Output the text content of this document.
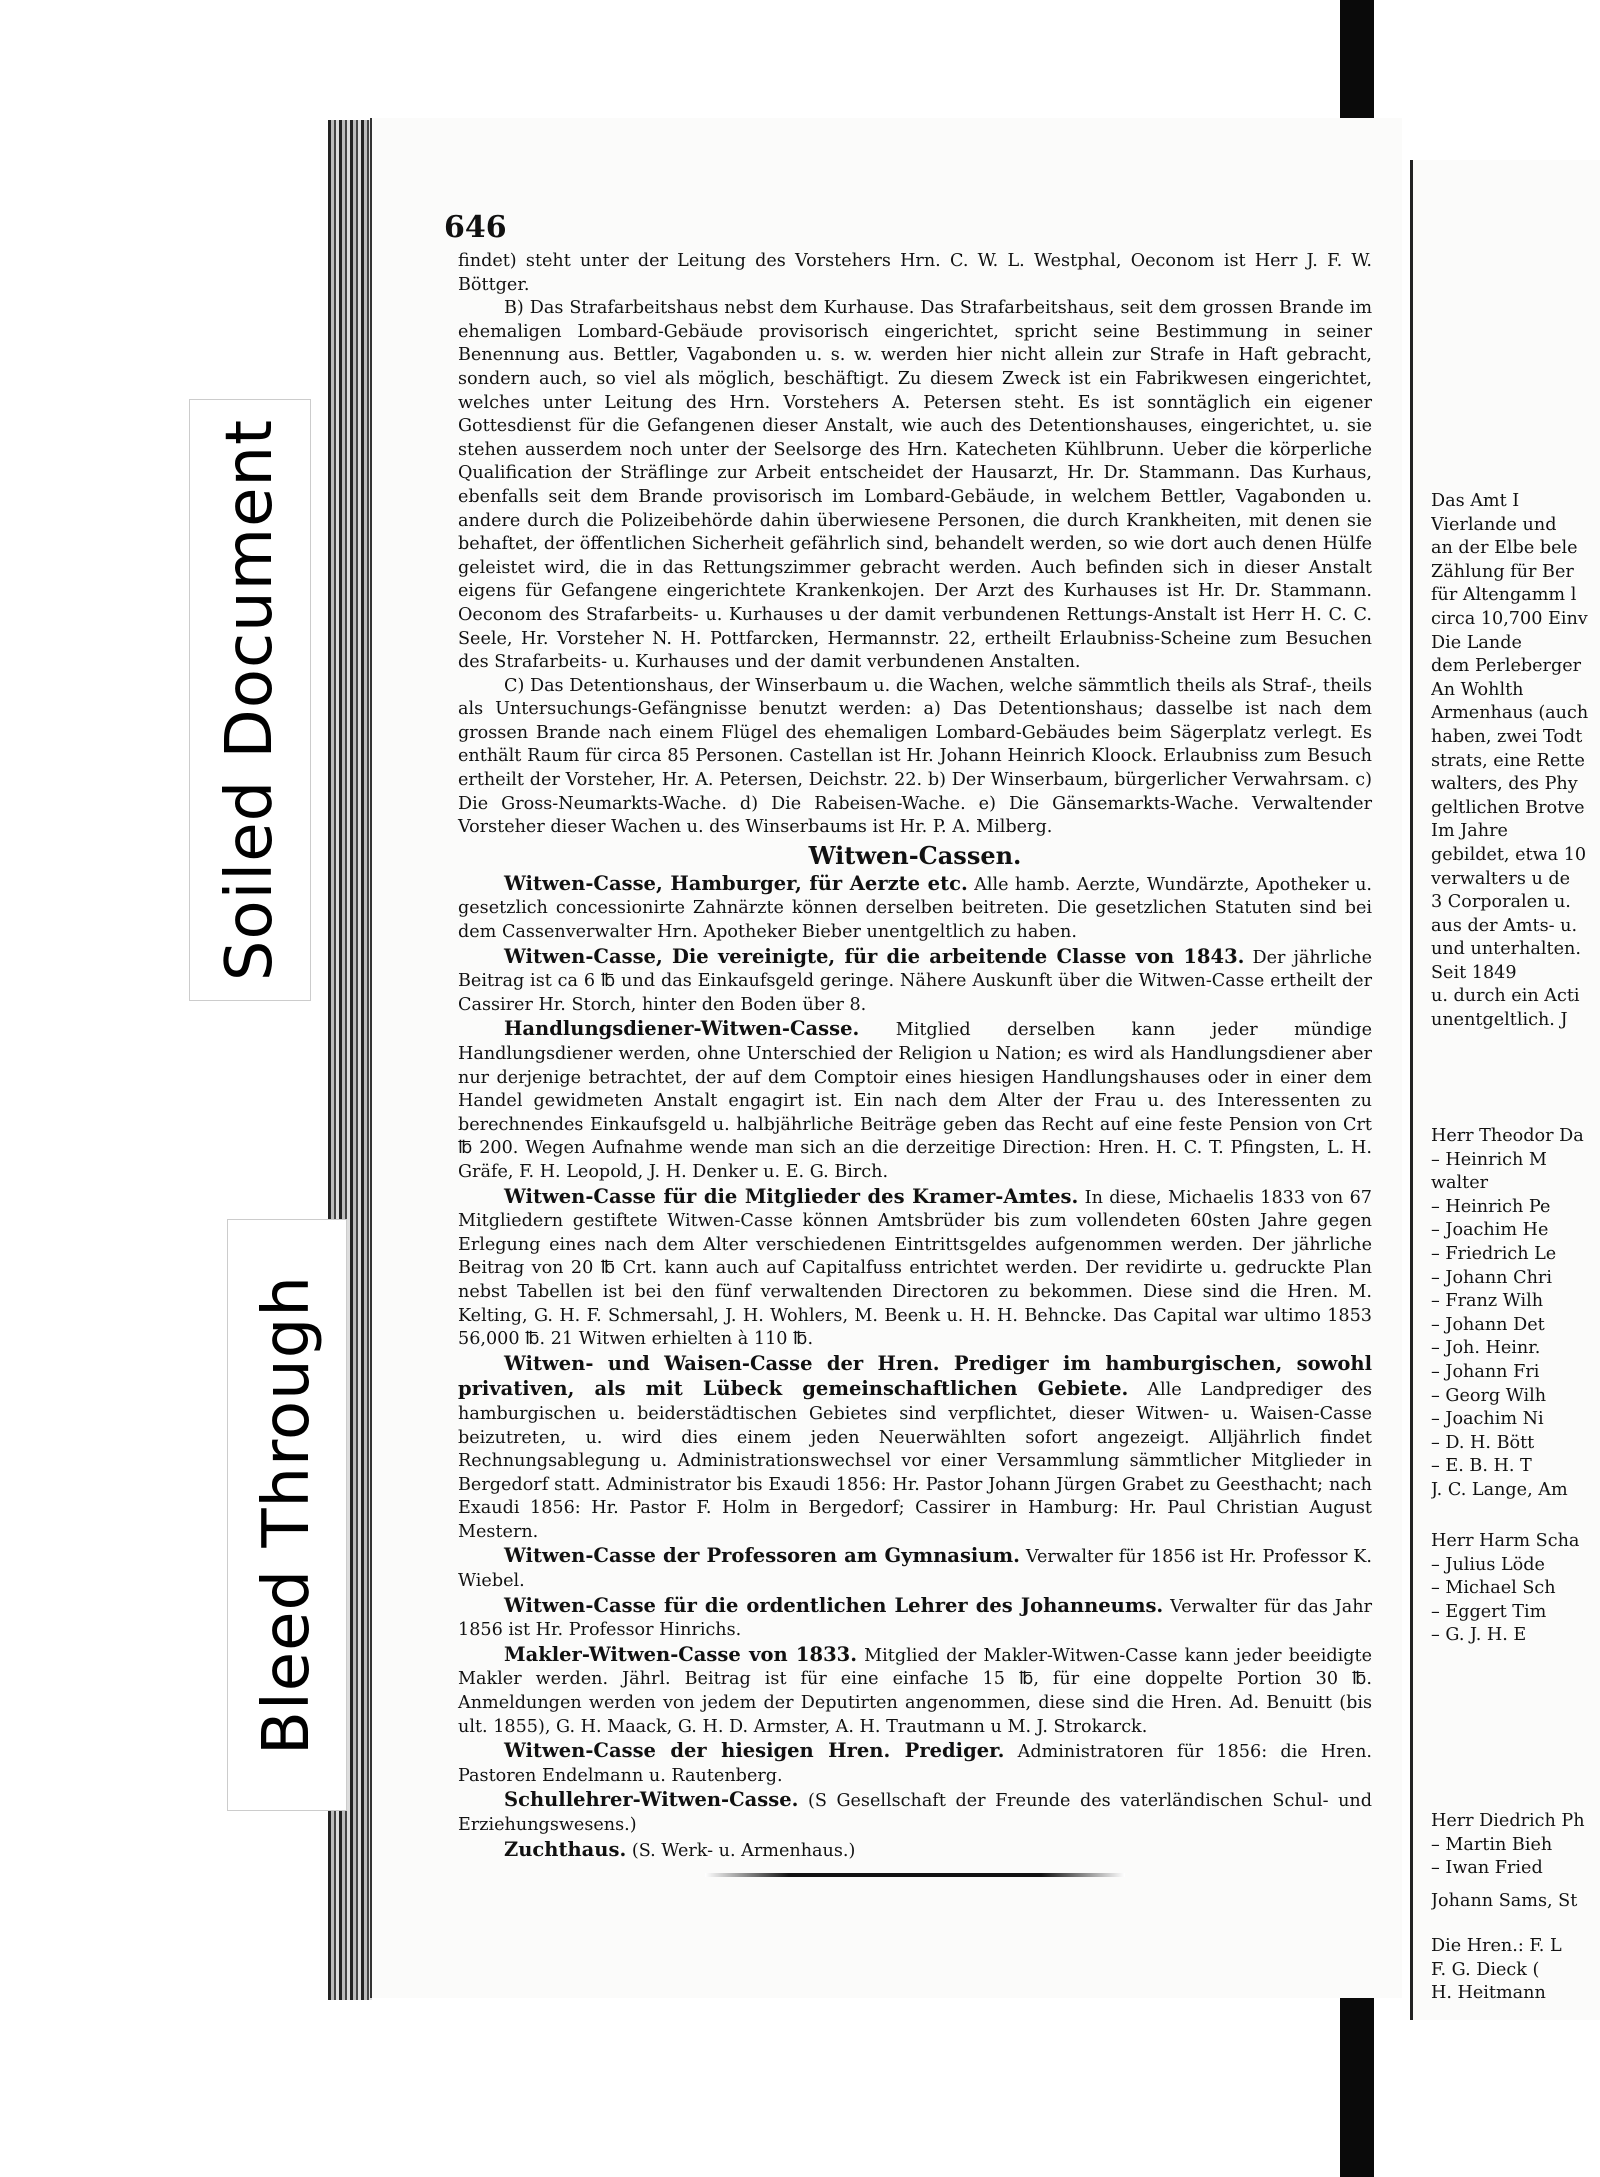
646

findet) steht unter der Leitung des Vorstehers Hrn. C. W. L. Westphal, Oeconom ist Herr J. F. W. Böttger.

B) Das Strafarbeitshaus nebst dem Kurhause. Das Strafarbeitshaus, seit dem grossen Brande im ehemaligen Lombard-Gebäude provisorisch eingerichtet, spricht seine Bestimmung in seiner Benennung aus. Bettler, Vagabonden u. s. w. werden hier nicht allein zur Strafe in Haft gebracht, sondern auch, so viel als möglich, beschäftigt. Zu diesem Zweck ist ein Fabrikwesen eingerichtet, welches unter Leitung des Hrn. Vorstehers A. Petersen steht. Es ist sonntäglich ein eigener Gottesdienst für die Gefangenen dieser Anstalt, wie auch des Detentionshauses, eingerichtet, u. sie stehen ausserdem noch unter der Seelsorge des Hrn. Katecheten Kühlbrunn. Ueber die körperliche Qualification der Sträflinge zur Arbeit entscheidet der Hausarzt, Hr. Dr. Stammann. Das Kurhaus, ebenfalls seit dem Brande provisorisch im Lombard-Gebäude, in welchem Bettler, Vagabonden u. andere durch die Polizeibehörde dahin überwiesene Personen, die durch Krankheiten, mit denen sie behaftet, der öffentlichen Sicherheit gefährlich sind, behandelt werden, so wie dort auch denen Hülfe geleistet wird, die in das Rettungszimmer gebracht werden. Auch befinden sich in dieser Anstalt eigens für Gefangene eingerichtete Krankenkojen. Der Arzt des Kurhauses ist Hr. Dr. Stammann. Oeconom des Strafarbeits- u. Kurhauses u der damit verbundenen Rettungs-Anstalt ist Herr H. C. C. Seele, Hr. Vorsteher N. H. Pottfarcken, Hermannstr. 22, ertheilt Erlaubniss-Scheine zum Besuchen des Strafarbeits- u. Kurhauses und der damit verbundenen Anstalten.

C) Das Detentionshaus, der Winserbaum u. die Wachen, welche sämmtlich theils als Straf-, theils als Untersuchungs-Gefängnisse benutzt werden: a) Das Detentionshaus; dasselbe ist nach dem grossen Brande nach einem Flügel des ehemaligen Lombard-Gebäudes beim Sägerplatz verlegt. Es enthält Raum für circa 85 Personen. Castellan ist Hr. Johann Heinrich Kloock. Erlaubniss zum Besuch ertheilt der Vorsteher, Hr. A. Petersen, Deichstr. 22. b) Der Winserbaum, bürgerlicher Verwahrsam. c) Die Gross-Neumarkts-Wache. d) Die Rabeisen-Wache. e) Die Gänsemarkts-Wache. Verwaltender Vorsteher dieser Wachen u. des Winserbaums ist Hr. P. A. Milberg.

Witwen-Cassen.

Witwen-Casse, Hamburger, für Aerzte etc. Alle hamb. Aerzte, Wundärzte, Apotheker u. gesetzlich concessionirte Zahnärzte können derselben beitreten. Die gesetzlichen Statuten sind bei dem Cassenverwalter Hrn. Apotheker Bieber unentgeltlich zu haben.

Witwen-Casse, Die vereinigte, für die arbeitende Classe von 1843. Der jährliche Beitrag ist ca 6 ℔ und das Einkaufsgeld geringe. Nähere Auskunft über die Witwen-Casse ertheilt der Cassirer Hr. Storch, hinter den Boden über 8.

Handlungsdiener-Witwen-Casse. Mitglied derselben kann jeder mündige Handlungsdiener werden, ohne Unterschied der Religion u Nation; es wird als Handlungsdiener aber nur derjenige betrachtet, der auf dem Comptoir eines hiesigen Handlungshauses oder in einer dem Handel gewidmeten Anstalt engagirt ist. Ein nach dem Alter der Frau u. des Interessenten zu berechnendes Einkaufsgeld u. halbjährliche Beiträge geben das Recht auf eine feste Pension von Crt ℔ 200. Wegen Aufnahme wende man sich an die derzeitige Direction: Hren. H. C. T. Pfingsten, L. H. Gräfe, F. H. Leopold, J. H. Denker u. E. G. Birch.

Witwen-Casse für die Mitglieder des Kramer-Amtes. In diese, Michaelis 1833 von 67 Mitgliedern gestiftete Witwen-Casse können Amtsbrüder bis zum vollendeten 60sten Jahre gegen Erlegung eines nach dem Alter verschiedenen Eintrittsgeldes aufgenommen werden. Der jährliche Beitrag von 20 ℔ Crt. kann auch auf Capitalfuss entrichtet werden. Der revidirte u. gedruckte Plan nebst Tabellen ist bei den fünf verwaltenden Directoren zu bekommen. Diese sind die Hren. M. Kelting, G. H. F. Schmersahl, J. H. Wohlers, M. Beenk u. H. H. Behncke. Das Capital war ultimo 1853 56,000 ℔. 21 Witwen erhielten à 110 ℔.

Witwen- und Waisen-Casse der Hren. Prediger im hamburgischen, sowohl privativen, als mit Lübeck gemeinschaftlichen Gebiete. Alle Landprediger des hamburgischen u. beiderstädtischen Gebietes sind verpflichtet, dieser Witwen- u. Waisen-Casse beizutreten, u. wird dies einem jeden Neuerwählten sofort angezeigt. Alljährlich findet Rechnungsablegung u. Administrationswechsel vor einer Versammlung sämmtlicher Mitglieder in Bergedorf statt. Administrator bis Exaudi 1856: Hr. Pastor Johann Jürgen Grabet zu Geesthacht; nach Exaudi 1856: Hr. Pastor F. Holm in Bergedorf; Cassirer in Hamburg: Hr. Paul Christian August Mestern.

Witwen-Casse der Professoren am Gymnasium. Verwalter für 1856 ist Hr. Professor K. Wiebel.

Witwen-Casse für die ordentlichen Lehrer des Johanneums. Verwalter für das Jahr 1856 ist Hr. Professor Hinrichs.

Makler-Witwen-Casse von 1833. Mitglied der Makler-Witwen-Casse kann jeder beeidigte Makler werden. Jährl. Beitrag ist für eine einfache 15 ℔, für eine doppelte Portion 30 ℔. Anmeldungen werden von jedem der Deputirten angenommen, diese sind die Hren. Ad. Benuitt (bis ult. 1855), G. H. Maack, G. H. D. Armster, A. H. Trautmann u M. J. Strokarck.

Witwen-Casse der hiesigen Hren. Prediger. Administratoren für 1856: die Hren. Pastoren Endelmann u. Rautenberg.

Schullehrer-Witwen-Casse. (S Gesellschaft der Freunde des vaterländischen Schul- und Erziehungswesens.)

Zuchthaus. (S. Werk- u. Armenhaus.)

Das Amt I

Vierlande und

an der Elbe bele

Zählung für Ber

für Altengamm l

circa 10,700 Einv

Die Lande

dem Perleberger

An Wohlth

Armenhaus (auch

haben, zwei Todt

strats, eine Rette

walters, des Phy

geltlichen Brotve

Im Jahre

gebildet, etwa 10

verwalters u de

3 Corporalen u.

aus der Amts- u.

und unterhalten.

Seit 1849

u. durch ein Acti

unentgeltlich. J

Herr Theodor Da

– Heinrich M

walter

– Heinrich Pe

– Joachim He

– Friedrich Le

– Johann Chri

– Franz Wilh

– Johann Det

– Joh. Heinr.

– Johann Fri

– Georg Wilh

– Joachim Ni

– D. H. Bött

– E. B. H. T

J. C. Lange, Am

Herr Harm Scha

– Julius Löde

– Michael Sch

– Eggert Tim

– G. J. H. E

Herr Diedrich Ph

– Martin Bieh

– Iwan Fried

Johann Sams, St

Die Hren.: F. L

F. G. Dieck (

H. Heitmann

Soiled Document
Bleed Through
